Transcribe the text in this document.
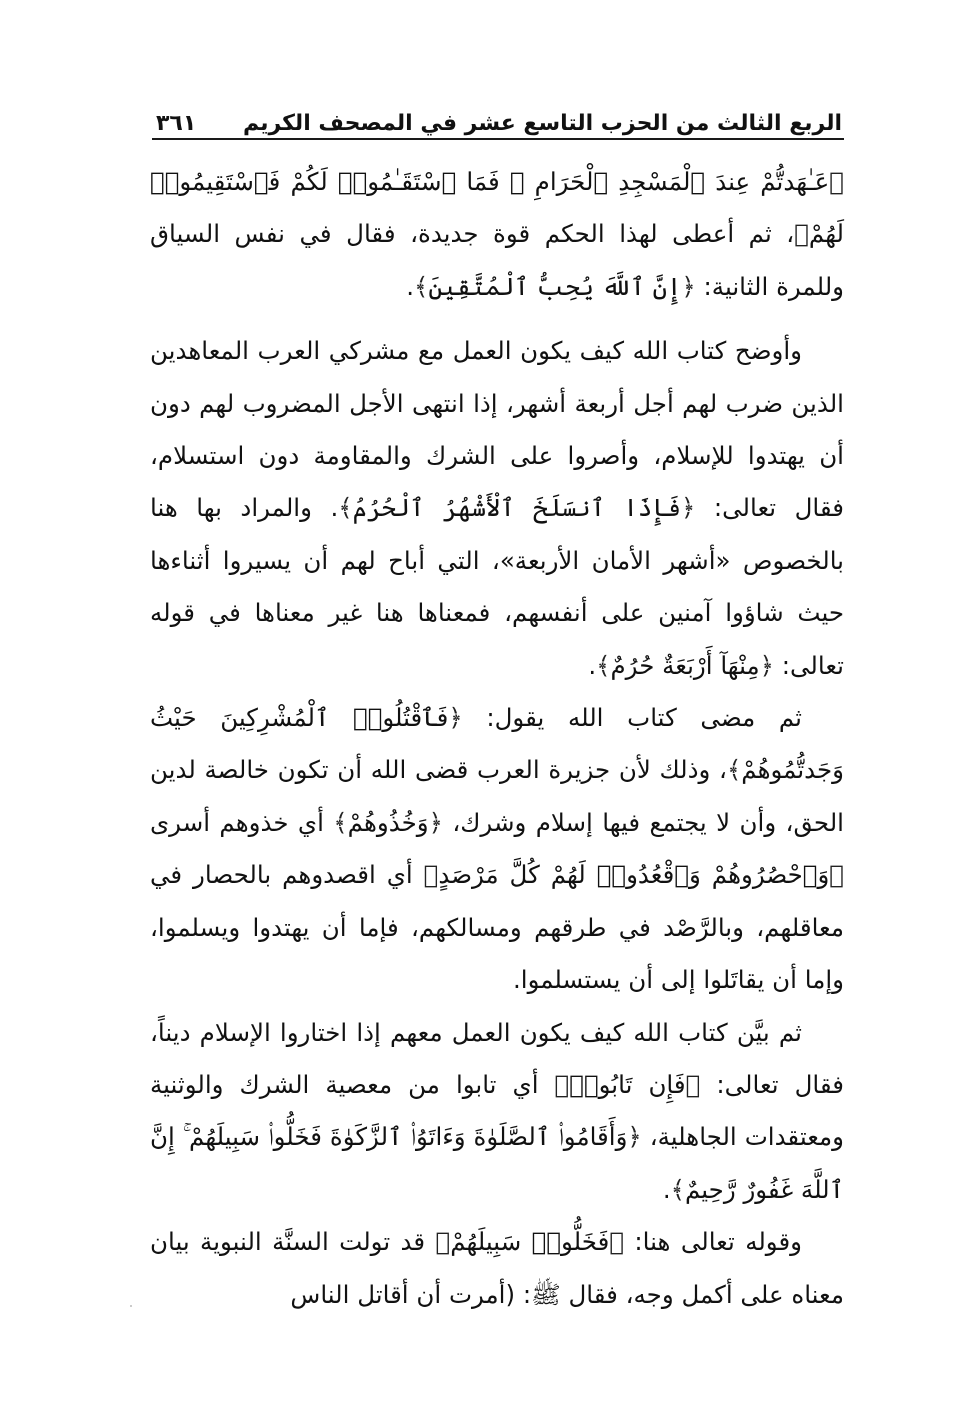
الربع الثالث من الحزب التاسع عشر في المصحف الكريم
٣٦١

﴿عَـٰهَدتُّمْ عِندَ ٱلْمَسْجِدِ ٱلْحَرَامِ ۖ فَمَا ٱسْتَقَـٰمُوا۟ لَكُمْ فَٱسْتَقِيمُوا۟ لَهُمْ﴾، ثم أعطى لهذا الحكم قوة جديدة، فقال في نفس السياق وللمرة الثانية: ﴿إِنَّ ٱللَّهَ يُحِبُّ ٱلْمُتَّقِينَ﴾.

وأوضح كتاب الله كيف يكون العمل مع مشركي العرب المعاهدين الذين ضرب لهم أجل أربعة أشهر، إذا انتهى الأجل المضروب لهم دون أن يهتدوا للإسلام، وأصروا على الشرك والمقاومة دون استسلام، فقال تعالى: ﴿فَإِذَا ٱنسَلَخَ ٱلْأَشْهُرُ ٱلْحُرُمُ﴾. والمراد بها هنا بالخصوص «أشهر الأمان الأربعة»، التي أباح لهم أن يسيروا أثناءها حيث شاؤوا آمنين على أنفسهم، فمعناها هنا غير معناها في قوله تعالى: ﴿مِنْهَآ أَرْبَعَةٌ حُرُمٌ﴾.

ثم مضى كتاب الله يقول: ﴿فَٱقْتُلُوا۟ ٱلْمُشْرِكِينَ حَيْثُ وَجَدتُّمُوهُمْ﴾، وذلك لأن جزيرة العرب قضى الله أن تكون خالصة لدين الحق، وأن لا يجتمع فيها إسلام وشرك، ﴿وَخُذُوهُمْ﴾ أي خذوهم أسرى ﴿وَٱحْصُرُوهُمْ وَٱقْعُدُوا۟ لَهُمْ كُلَّ مَرْصَدٍ﴾ أي اقصدوهم بالحصار في معاقلهم، وبالرَّصْد في طرقهم ومسالكهم، فإما أن يهتدوا ويسلموا، وإما أن يقاتَلوا إلى أن يستسلموا.

ثم بيَّن كتاب الله كيف يكون العمل معهم إذا اختاروا الإسلام ديناً، فقال تعالى: ﴿فَإِن تَابُوا۟﴾ أي تابوا من معصية الشرك والوثنية ومعتقدات الجاهلية، ﴿وَأَقَامُوا۟ ٱلصَّلَوٰةَ وَءَاتَوُا۟ ٱلزَّكَوٰةَ فَخَلُّوا۟ سَبِيلَهُمْ ۚ إِنَّ ٱللَّهَ غَفُورٌ رَّحِيمٌ﴾.

وقوله تعالى هنا: ﴿فَخَلُّوا۟ سَبِيلَهُمْ﴾ قد تولت السنَّة النبوية بيان معناه على أكمل وجه، فقال ﷺ: (أمرت أن أقاتل الناس
